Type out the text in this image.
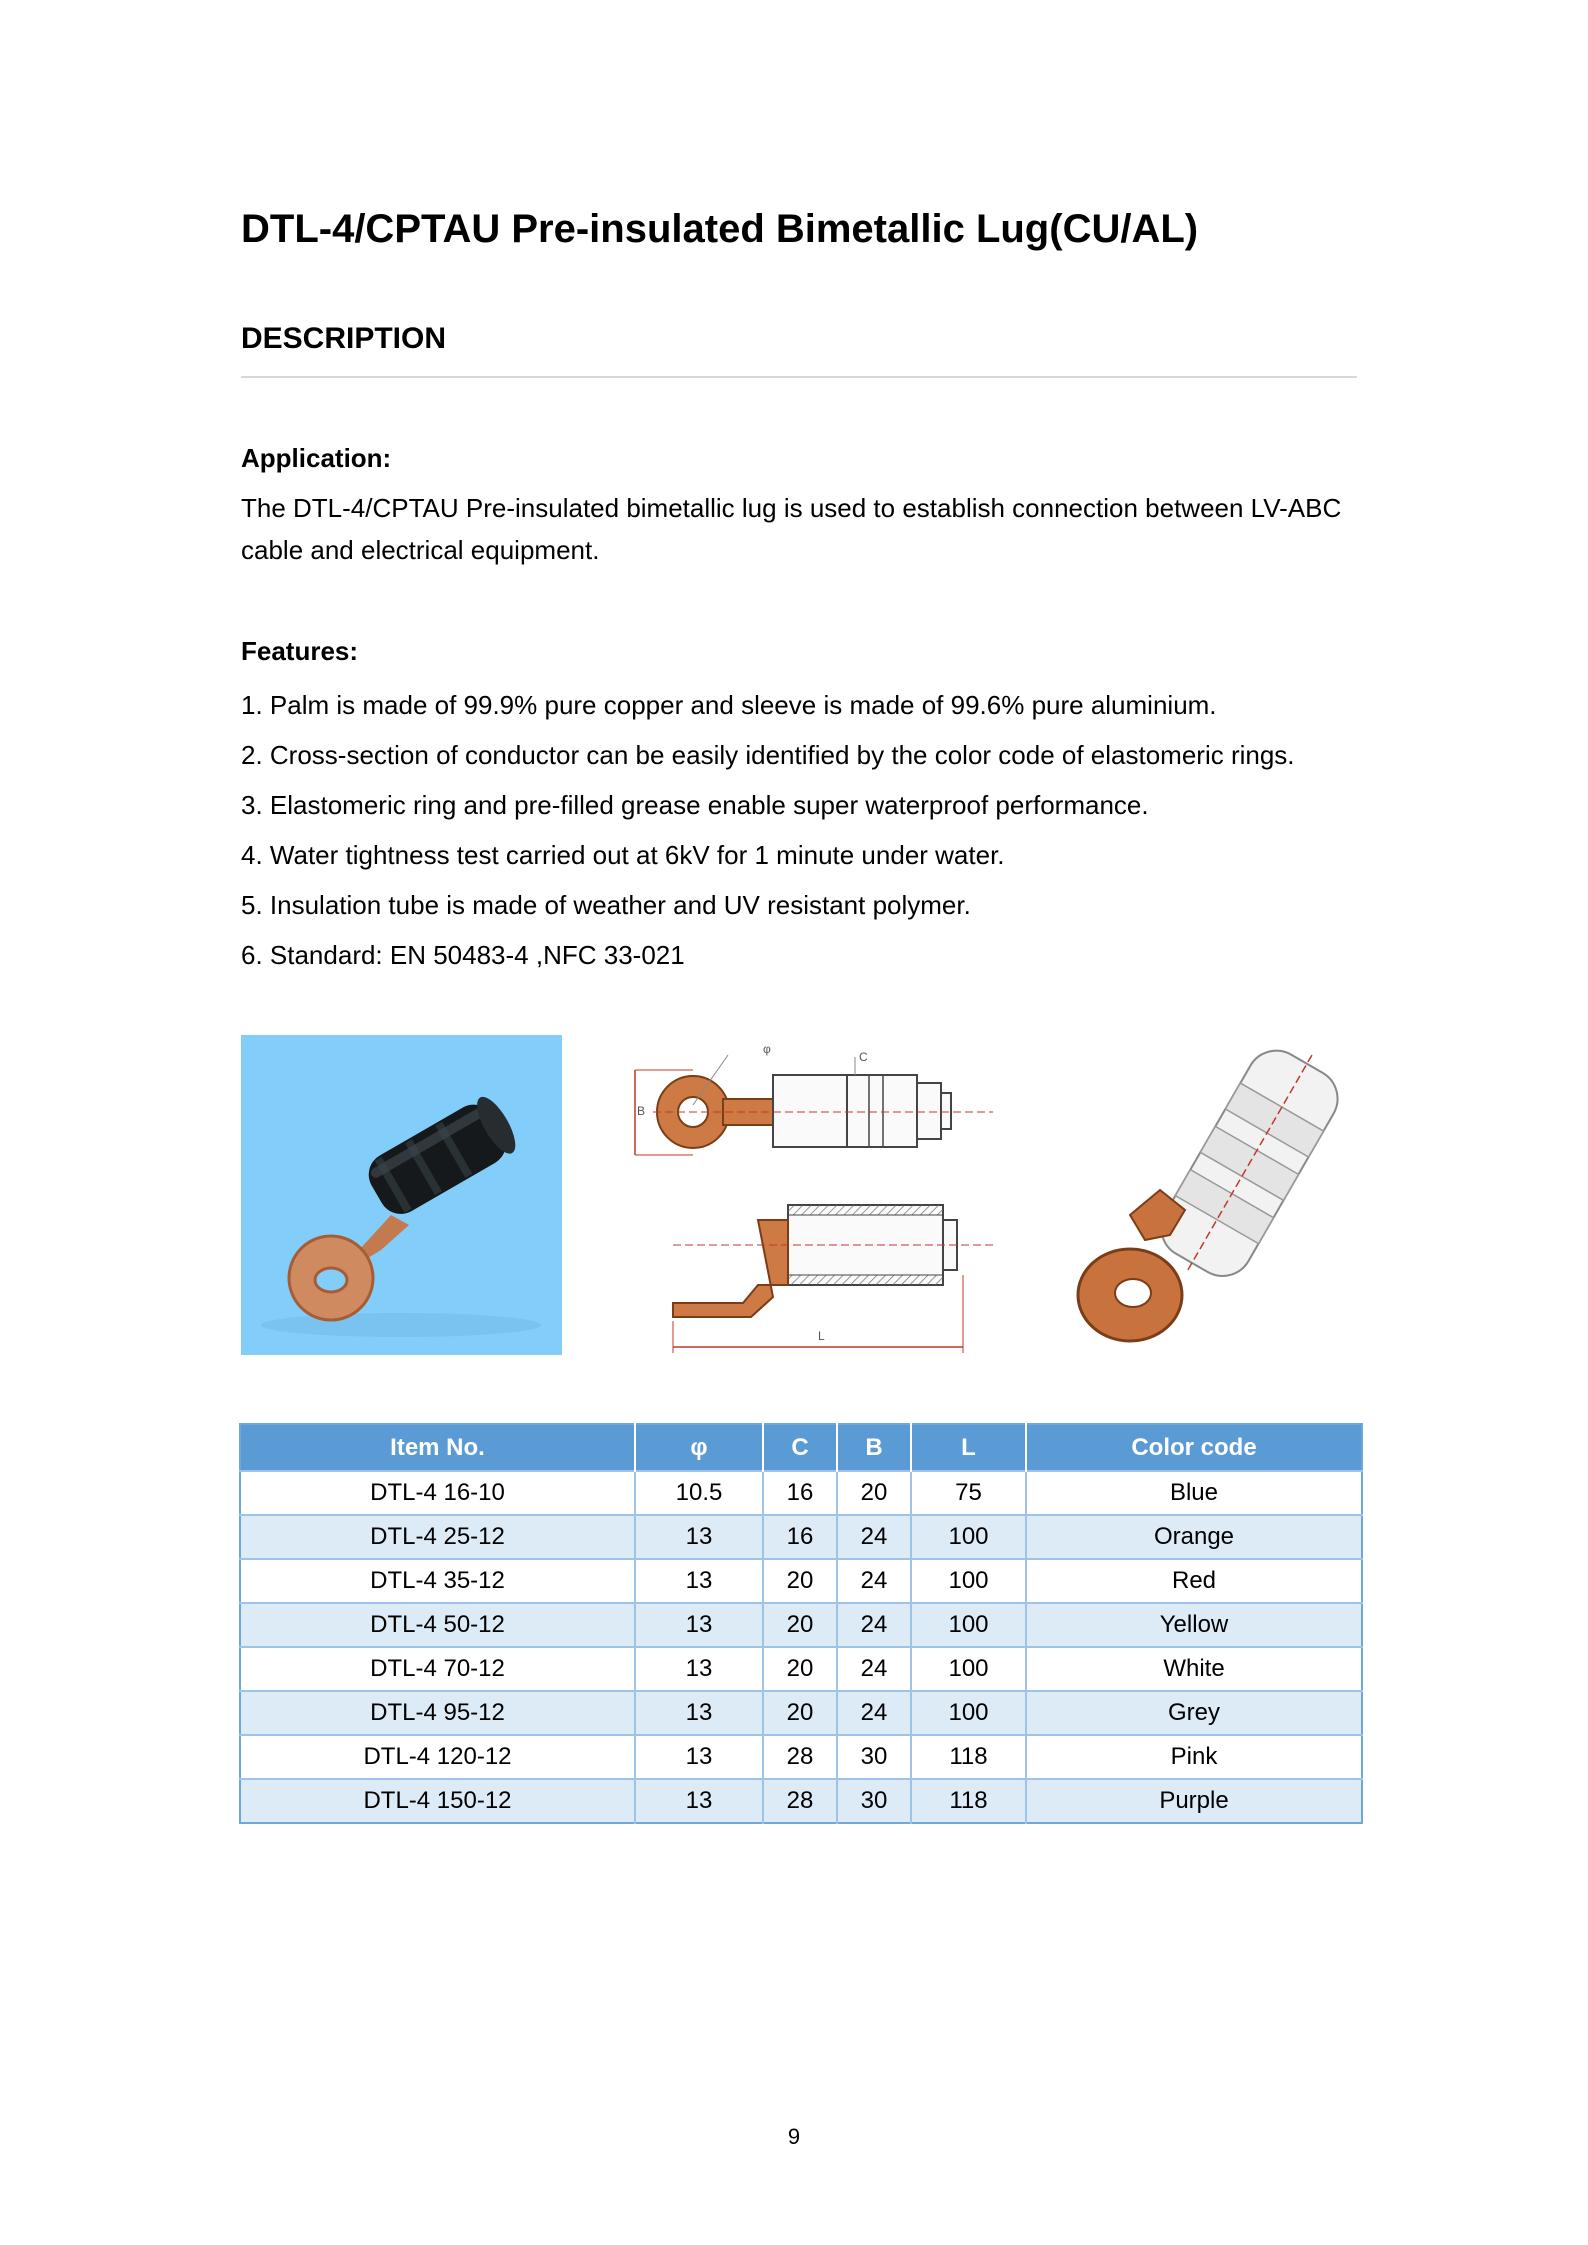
DTL-4/CPTAU Pre-insulated Bimetallic Lug(CU/AL)
DESCRIPTION
Application:
The DTL-4/CPTAU Pre-insulated bimetallic lug is used to establish connection between LV-ABC cable and electrical equipment.
Features:
1. Palm is made of 99.9% pure copper and sleeve is made of 99.6% pure aluminium.
2. Cross-section of conductor can be easily identified by the color code of elastomeric rings.
3. Elastomeric ring and pre-filled grease enable super waterproof performance.
4. Water tightness test carried out at 6kV for 1 minute under water.
5. Insulation tube is made of weather and UV resistant polymer.
6. Standard: EN 50483-4 ,NFC 33-021
B
φ
C
L
Item No.	φ	C	B	L	Color code
DTL-4 16-10	10.5	16	20	75	Blue
DTL-4 25-12	13	16	24	100	Orange
DTL-4 35-12	13	20	24	100	Red
DTL-4 50-12	13	20	24	100	Yellow
DTL-4 70-12	13	20	24	100	White
DTL-4 95-12	13	20	24	100	Grey
DTL-4 120-12	13	28	30	118	Pink
DTL-4 150-12	13	28	30	118	Purple
9
